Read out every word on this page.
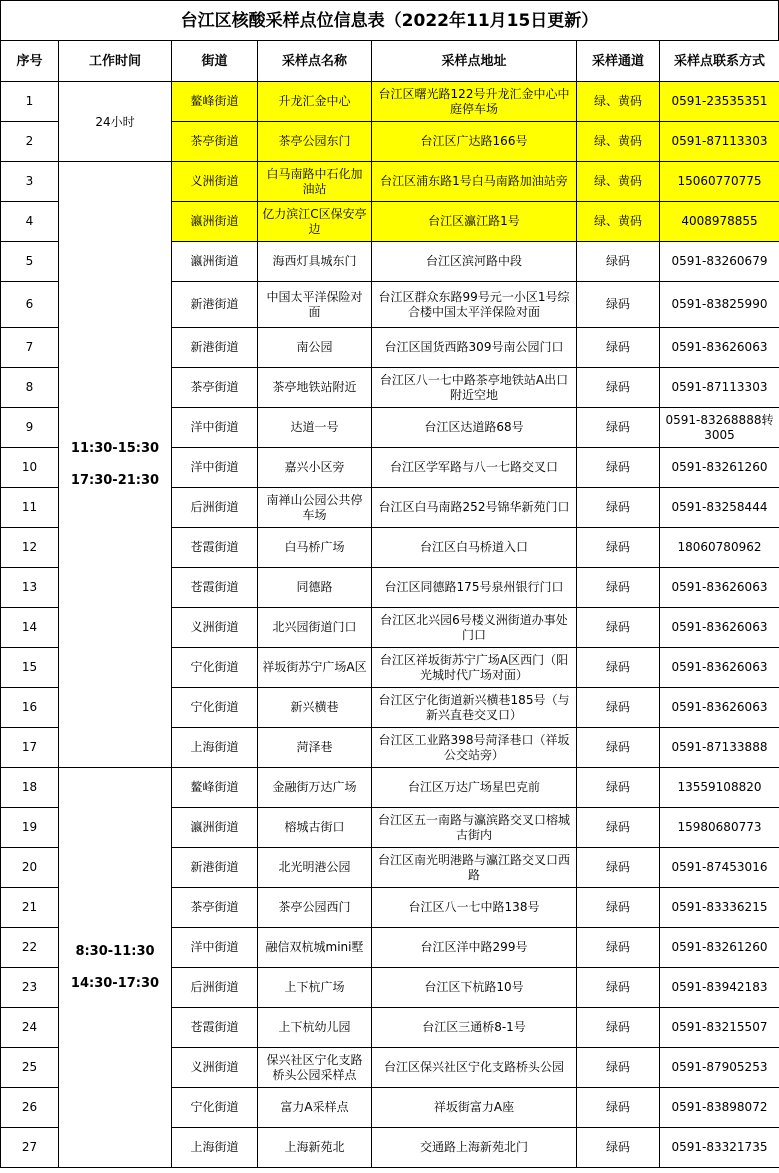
台江区核酸采样点位信息表（2022年11月15日更新）
序号	工作时间	街道	采样点名称	采样点地址	采样通道	采样点联系方式
1	24小时	鳌峰街道	升龙汇金中心	台江区曙光路122号升龙汇金中心中庭停车场	绿、黄码	0591-23535351
2		茶亭街道	茶亭公园东门	台江区广达路166号	绿、黄码	0591-87113303
3	11:30-15:30
17:30-21:30	义洲街道	白马南路中石化加油站	台江区浦东路1号白马南路加油站旁	绿、黄码	15060770775
4		瀛洲街道	亿力滨江C区保安亭边	台江区瀛江路1号	绿、黄码	4008978855
5		瀛洲街道	海西灯具城东门	台江区滨河路中段	绿码	0591-83260679
6		新港街道	中国太平洋保险对面	台江区群众东路99号元一小区1号综合楼中国太平洋保险对面	绿码	0591-83825990
7		新港街道	南公园	台江区国货西路309号南公园门口	绿码	0591-83626063
8		茶亭街道	茶亭地铁站附近	台江区八一七中路茶亭地铁站A出口附近空地	绿码	0591-87113303
9		洋中街道	达道一号	台江区达道路68号	绿码	0591-83268888转3005
10		洋中街道	嘉兴小区旁	台江区学军路与八一七路交叉口	绿码	0591-83261260
11		后洲街道	南禅山公园公共停车场	台江区白马南路252号锦华新苑门口	绿码	0591-83258444
12		苍霞街道	白马桥广场	台江区白马桥道入口	绿码	18060780962
13		苍霞街道	同德路	台江区同德路175号泉州银行门口	绿码	0591-83626063
14		义洲街道	北兴园街道门口	台江区北兴园6号楼义洲街道办事处门口	绿码	0591-83626063
15		宁化街道	祥坂街苏宁广场A区	台江区祥坂街苏宁广场A区西门（阳光城时代广场对面）	绿码	0591-83626063
16		宁化街道	新兴横巷	台江区宁化街道新兴横巷185号（与新兴直巷交叉口）	绿码	0591-83626063
17		上海街道	菏泽巷	台江区工业路398号菏泽巷口（祥坂公交站旁）	绿码	0591-87133888
18	8:30-11:30
14:30-17:30	鳌峰街道	金融街万达广场	台江区万达广场星巴克前	绿码	13559108820
19		瀛洲街道	榕城古街口	台江区五一南路与瀛滨路交叉口榕城古街内	绿码	15980680773
20		新港街道	北光明港公园	台江区南光明港路与瀛江路交叉口西路	绿码	0591-87453016
21		茶亭街道	茶亭公园西门	台江区八一七中路138号	绿码	0591-83336215
22		洋中街道	融信双杭城mini墅	台江区洋中路299号	绿码	0591-83261260
23		后洲街道	上下杭广场	台江区下杭路10号	绿码	0591-83942183
24		苍霞街道	上下杭幼儿园	台江区三通桥8-1号	绿码	0591-83215507
25		义洲街道	保兴社区宁化支路桥头公园采样点	台江区保兴社区宁化支路桥头公园	绿码	0591-87905253
26		宁化街道	富力A采样点	祥坂街富力A座	绿码	0591-83898072
27		上海街道	上海新苑北	交通路上海新苑北门	绿码	0591-83321735
